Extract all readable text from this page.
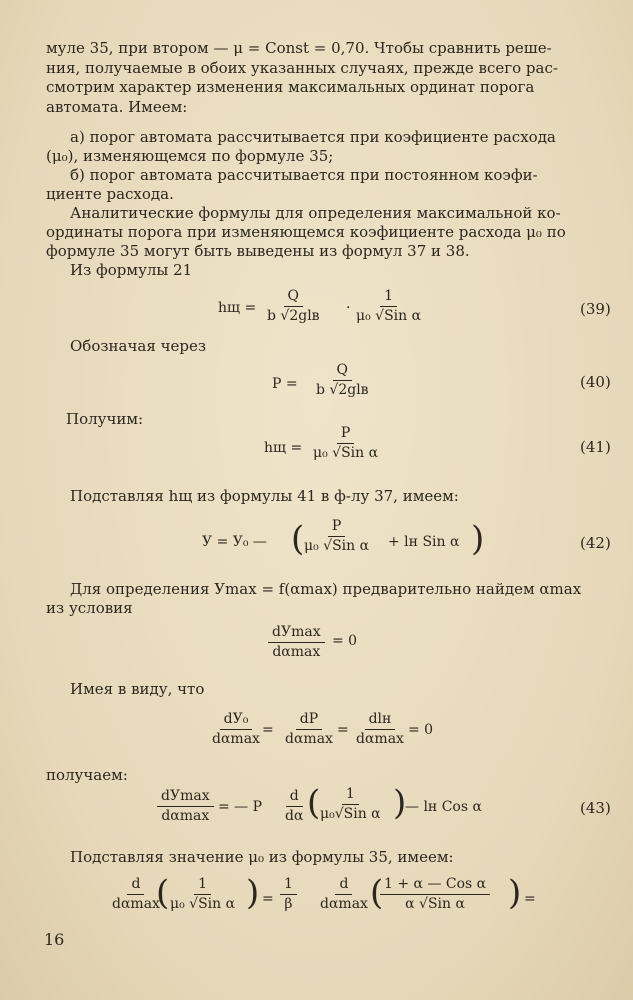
муле 35, при втором — μ = Const = 0,70. Чтобы сравнить реше-
ния, получаемые в обоих указанных случаях, прежде всего рас-
смотрим характер изменения максимальных ординат порога
автомата. Имеем:
а) порог автомата рассчитывается при коэфициенте расхода
(μ₀), изменяющемся по формуле 35;
б) порог автомата рассчитывается при постоянном коэфи-
циенте расхода.
Аналитические формулы для определения максимальной ко-
ординаты порога при изменяющемся коэфициенте расхода μ₀ по
формуле 35 могут быть выведены из формул 37 и 38.
Из формулы 21
hщ =
Q
b √2glв ·
1
μ₀ √Sin α	(39)
Обозначая через
P =
Q
b √2glв	(40)
Получим:
hщ =
P
μ₀ √Sin α	(41)
Подставляя hщ из формулы 41 в ф-лу 37, имеем:
У = У₀ — ( P
μ₀ √Sin α + lн Sin α )	(42)
Для определения Уmax = f(αmax) предварительно найдем αmax
из условия
dУmax
dαmax
= 0
Имея в виду, что
dУ₀
dαmax
=
dP
dαmax
=
dlн
dαmax
= 0
получаем:
dУmax
dαmax
= — P $\frac{d}{d\alpha}$ ( 1
μ₀√Sin α )
— lн Cos α	(43)
Подставляя значение μ₀ из формулы 35, имеем:
d
dαmax
( 1
μ₀ √Sin α ) = $\frac{1}{\beta}$	d
dαmax ( 1 + α — Cos α
α √Sin α ) =
16
